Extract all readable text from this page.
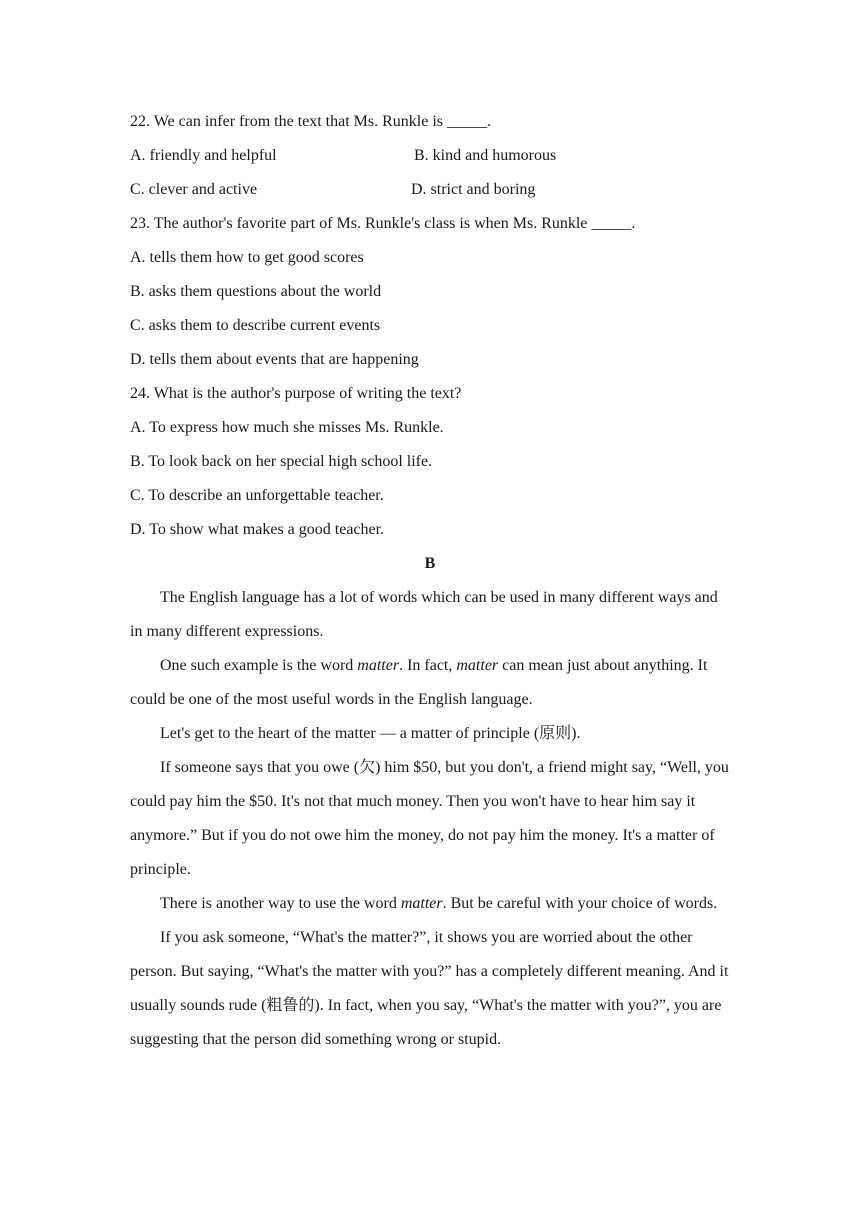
22. We can infer from the text that Ms. Runkle is _____.
A. friendly and helpful	B. kind and humorous
C. clever and active	D. strict and boring
23. The author's favorite part of Ms. Runkle's class is when Ms. Runkle _____.
A. tells them how to get good scores
B. asks them questions about the world
C. asks them to describe current events
D. tells them about events that are happening
24. What is the author's purpose of writing the text?
A. To express how much she misses Ms. Runkle.
B. To look back on her special high school life.
C. To describe an unforgettable teacher.
D. To show what makes a good teacher.
B

The English language has a lot of words which can be used in many different ways and in many different expressions.

One such example is the word matter. In fact, matter can mean just about anything. It could be one of the most useful words in the English language.

Let's get to the heart of the matter — a matter of principle (原则).

If someone says that you owe (欠) him $50, but you don't, a friend might say, “Well, you could pay him the $50. It's not that much money. Then you won't have to hear him say it anymore.” But if you do not owe him the money, do not pay him the money. It's a matter of principle.

There is another way to use the word matter. But be careful with your choice of words.

If you ask someone, “What's the matter?”, it shows you are worried about the other person. But saying, “What's the matter with you?” has a completely different meaning. And it usually sounds rude (粗鲁的). In fact, when you say, “What's the matter with you?”, you are suggesting that the person did something wrong or stupid.
